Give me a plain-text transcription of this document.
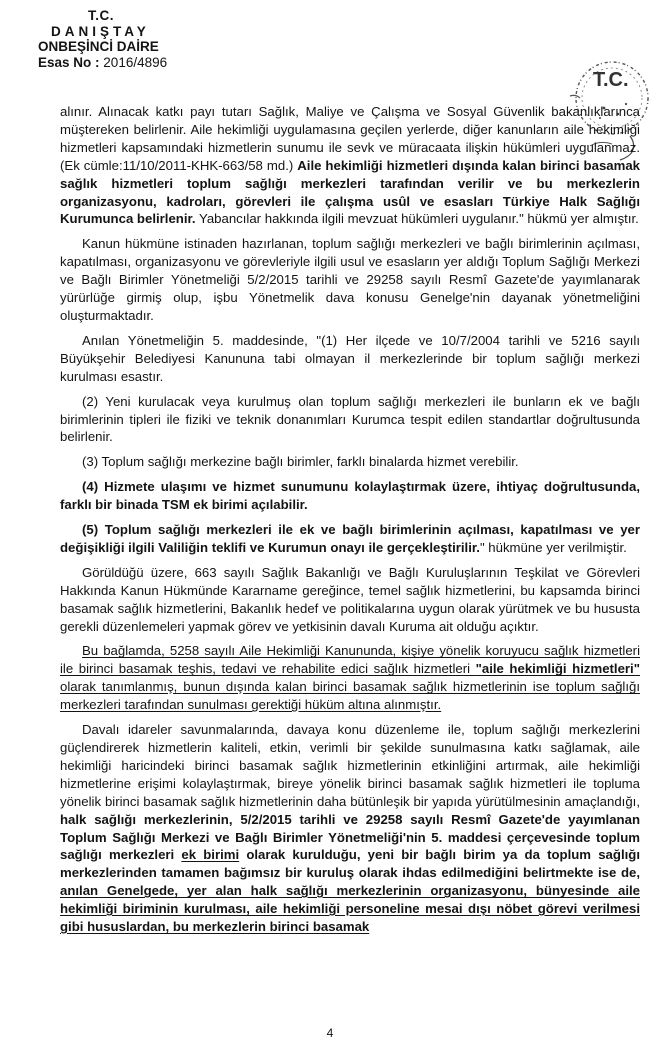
T.C.
DANIŞTAY
ONBEŞİNCİ DAİRE
Esas No : 2016/4896
T.C.

alınır. Alınacak katkı payı tutarı Sağlık, Maliye ve Çalışma ve Sosyal Güvenlik bakanlıklarınca müştereken belirlenir. Aile hekimliği uygulamasına geçilen yerlerde, diğer kanunların aile hekimliği hizmetleri kapsamındaki hizmetlerin sunumu ile sevk ve müracaata ilişkin hükümleri uygulanmaz. (Ek cümle:11/10/2011-KHK-663/58 md.) Aile hekimliği hizmetleri dışında kalan birinci basamak sağlık hizmetleri toplum sağlığı merkezleri tarafından verilir ve bu merkezlerin organizasyonu, kadroları, görevleri ile çalışma usûl ve esasları Türkiye Halk Sağlığı Kurumunca belirlenir. Yabancılar hakkında ilgili mevzuat hükümleri uygulanır." hükmü yer almıştır.

Kanun hükmüne istinaden hazırlanan, toplum sağlığı merkezleri ve bağlı birimlerinin açılması, kapatılması, organizasyonu ve görevleriyle ilgili usul ve esasların yer aldığı Toplum Sağlığı Merkezi ve Bağlı Birimler Yönetmeliği 5/2/2015 tarihli ve 29258 sayılı Resmî Gazete'de yayımlanarak yürürlüğe girmiş olup, işbu Yönetmelik dava konusu Genelge'nin dayanak yönetmeliğini oluşturmaktadır.

Anılan Yönetmeliğin 5. maddesinde, "(1) Her ilçede ve 10/7/2004 tarihli ve 5216 sayılı Büyükşehir Belediyesi Kanununa tabi olmayan il merkezlerinde bir toplum sağlığı merkezi kurulması esastır.

(2) Yeni kurulacak veya kurulmuş olan toplum sağlığı merkezleri ile bunların ek ve bağlı birimlerinin tipleri ile fiziki ve teknik donanımları Kurumca tespit edilen standartlar doğrultusunda belirlenir.

(3) Toplum sağlığı merkezine bağlı birimler, farklı binalarda hizmet verebilir.

(4) Hizmete ulaşımı ve hizmet sunumunu kolaylaştırmak üzere, ihtiyaç doğrultusunda, farklı bir binada TSM ek birimi açılabilir.

(5) Toplum sağlığı merkezleri ile ek ve bağlı birimlerinin açılması, kapatılması ve yer değişikliği ilgili Valiliğin teklifi ve Kurumun onayı ile gerçekleştirilir." hükmüne yer verilmiştir.

Görüldüğü üzere, 663 sayılı Sağlık Bakanlığı ve Bağlı Kuruluşlarının Teşkilat ve Görevleri Hakkında Kanun Hükmünde Kararname gereğince, temel sağlık hizmetlerini, bu kapsamda birinci basamak sağlık hizmetlerini, Bakanlık hedef ve politikalarına uygun olarak yürütmek ve bu hususta gerekli düzenlemeleri yapmak görev ve yetkisinin davalı Kuruma ait olduğu açıktır.

Bu bağlamda, 5258 sayılı Aile Hekimliği Kanununda, kişiye yönelik koruyucu sağlık hizmetleri ile birinci basamak teşhis, tedavi ve rehabilite edici sağlık hizmetleri "aile hekimliği hizmetleri" olarak tanımlanmış, bunun dışında kalan birinci basamak sağlık hizmetlerinin ise toplum sağlığı merkezleri tarafından sunulması gerektiği hüküm altına alınmıştır.

Davalı idareler savunmalarında, davaya konu düzenleme ile, toplum sağlığı merkezlerini güçlendirerek hizmetlerin kaliteli, etkin, verimli bir şekilde sunulmasına katkı sağlamak, aile hekimliği haricindeki birinci basamak sağlık hizmetlerinin etkinliğini artırmak, aile hekimliği hizmetlerine erişimi kolaylaştırmak, bireye yönelik birinci basamak sağlık hizmetleri ile topluma yönelik birinci basamak sağlık hizmetlerinin daha bütünleşik bir yapıda yürütülmesinin amaçlandığı, halk sağlığı merkezlerinin, 5/2/2015 tarihli ve 29258 sayılı Resmî Gazete'de yayımlanan Toplum Sağlığı Merkezi ve Bağlı Birimler Yönetmeliği'nin 5. maddesi çerçevesinde toplum sağlığı merkezleri ek birimi olarak kurulduğu, yeni bir bağlı birim ya da toplum sağlığı merkezlerinden tamamen bağımsız bir kuruluş olarak ihdas edilmediğini belirtmekte ise de, anılan Genelgede, yer alan halk sağlığı merkezlerinin organizasyonu, bünyesinde aile hekimliği biriminin kurulması, aile hekimliği personeline mesai dışı nöbet görevi verilmesi gibi hususlardan, bu merkezlerin birinci basamak

4
